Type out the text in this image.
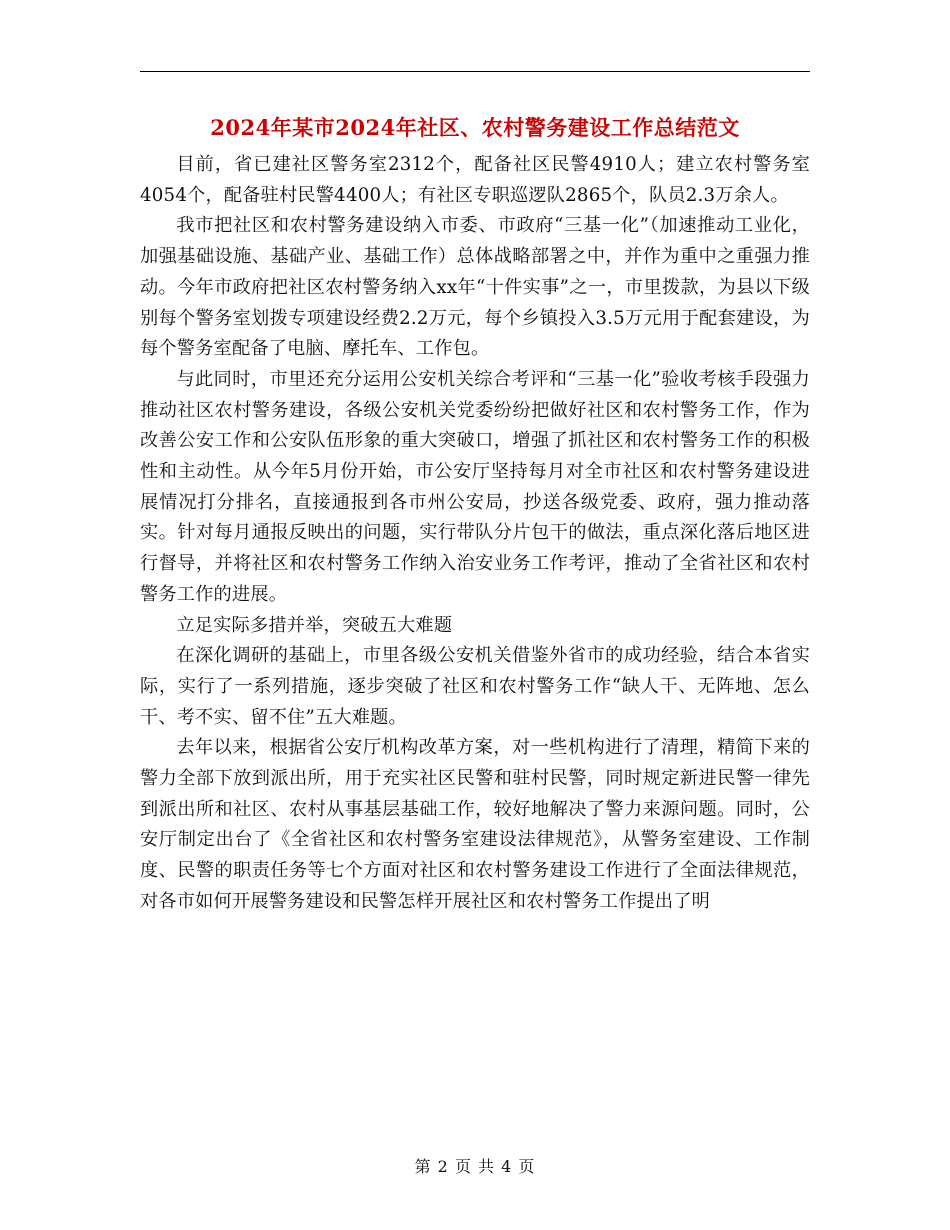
2024年某市2024年社区、农村警务建设工作总结范文

目前，省已建社区警务室2312个，配备社区民警4910人；建立农村警务室4054个，配备驻村民警4400人；有社区专职巡逻队2865个，队员2.3万余人。

我市把社区和农村警务建设纳入市委、市政府“三基一化”（加速推动工业化，加强基础设施、基础产业、基础工作）总体战略部署之中，并作为重中之重强力推动。今年市政府把社区农村警务纳入xx年“十件实事”之一，市里拨款，为县以下级别每个警务室划拨专项建设经费2.2万元，每个乡镇投入3.5万元用于配套建设，为每个警务室配备了电脑、摩托车、工作包。

与此同时，市里还充分运用公安机关综合考评和“三基一化”验收考核手段强力推动社区农村警务建设，各级公安机关党委纷纷把做好社区和农村警务工作，作为改善公安工作和公安队伍形象的重大突破口，增强了抓社区和农村警务工作的积极性和主动性。从今年5月份开始，市公安厅坚持每月对全市社区和农村警务建设进展情况打分排名，直接通报到各市州公安局，抄送各级党委、政府，强力推动落实。针对每月通报反映出的问题，实行带队分片包干的做法，重点深化落后地区进行督导，并将社区和农村警务工作纳入治安业务工作考评，推动了全省社区和农村警务工作的进展。

立足实际多措并举，突破五大难题

在深化调研的基础上，市里各级公安机关借鉴外省市的成功经验，结合本省实际，实行了一系列措施，逐步突破了社区和农村警务工作“缺人干、无阵地、怎么干、考不实、留不住”五大难题。

去年以来，根据省公安厅机构改革方案，对一些机构进行了清理，精简下来的警力全部下放到派出所，用于充实社区民警和驻村民警，同时规定新进民警一律先到派出所和社区、农村从事基层基础工作，较好地解决了警力来源问题。同时，公安厅制定出台了《全省社区和农村警务室建设法律规范》，从警务室建设、工作制度、民警的职责任务等七个方面对社区和农村警务建设工作进行了全面法律规范，对各市如何开展警务建设和民警怎样开展社区和农村警务工作提出了明

第 2 页 共 4 页
